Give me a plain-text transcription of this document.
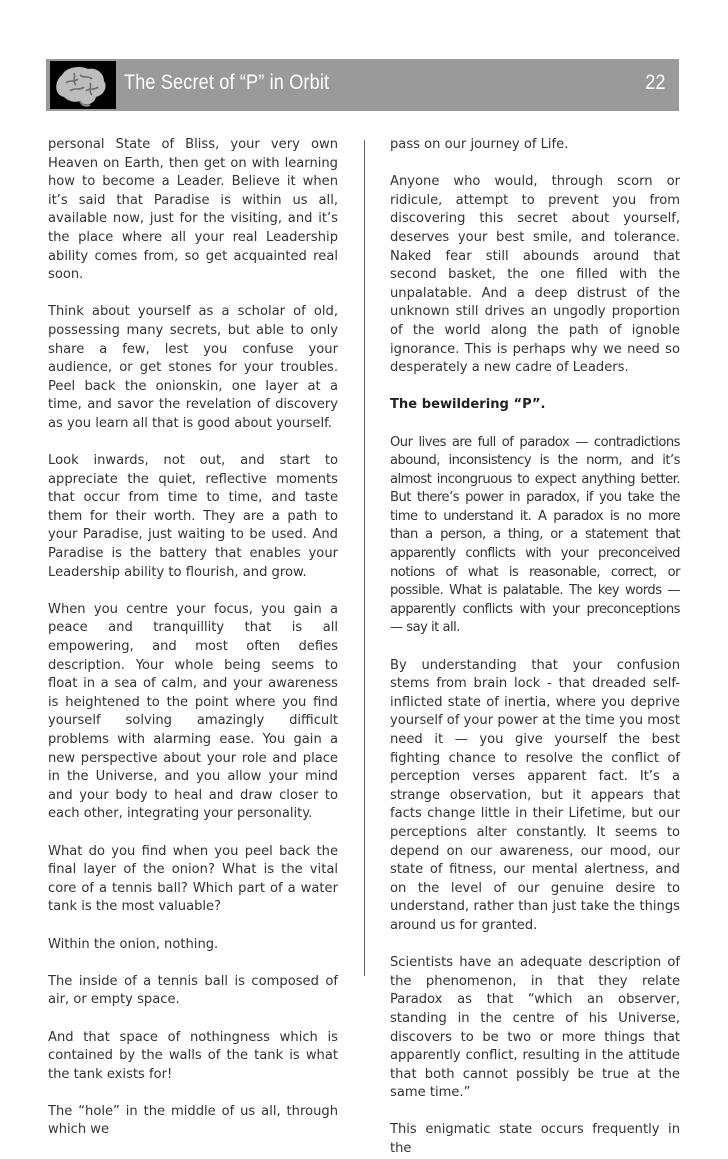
The Secret of “P” in Orbit	22

personal State of Bliss, your very own Heaven on Earth, then get on with learning how to become a Leader. Believe it when it’s said that Paradise is within us all, available now, just for the visiting, and it’s the place where all your real Leadership ability comes from, so get acquainted real soon.

Think about yourself as a scholar of old, possessing many secrets, but able to only share a few, lest you confuse your audience, or get stones for your troubles. Peel back the onionskin, one layer at a time, and savor the revelation of discovery as you learn all that is good about yourself.

Look inwards, not out, and start to appreciate the quiet, reflective moments that occur from time to time, and taste them for their worth. They are a path to your Paradise, just waiting to be used. And Paradise is the battery that enables your Leadership ability to flourish, and grow.

When you centre your focus, you gain a peace and tranquillity that is all empowering, and most often defies description. Your whole being seems to float in a sea of calm, and your awareness is heightened to the point where you find yourself solving amazingly difficult problems with alarming ease. You gain a new perspective about your role and place in the Universe, and you allow your mind and your body to heal and draw closer to each other, integrating your personality.

What do you find when you peel back the final layer of the onion? What is the vital core of a tennis ball? Which part of a water tank is the most valuable?

Within the onion, nothing.

The inside of a tennis ball is composed of air, or empty space.

And that space of nothingness which is contained by the walls of the tank is what the tank exists for!

The “hole” in the middle of us all, through which we

pass on our journey of Life.

Anyone who would, through scorn or ridicule, attempt to prevent you from discovering this secret about yourself, deserves your best smile, and tolerance. Naked fear still abounds around that second basket, the one filled with the unpalatable. And a deep distrust of the unknown still drives an ungodly proportion of the world along the path of ignoble ignorance. This is perhaps why we need so desperately a new cadre of Leaders.

The bewildering “P”.

Our lives are full of paradox — contradictions abound, inconsistency is the norm, and it’s almost incongruous to expect anything better. But there’s power in paradox, if you take the time to understand it. A paradox is no more than a person, a thing, or a statement that apparently conflicts with your preconceived notions of what is reasonable, correct, or possible. What is palatable. The key words — apparently conflicts with your preconceptions — say it all.

By understanding that your confusion stems from brain lock - that dreaded self-inflicted state of inertia, where you deprive yourself of your power at the time you most need it — you give yourself the best fighting chance to resolve the conflict of perception verses apparent fact. It’s a strange observation, but it appears that facts change little in their Lifetime, but our perceptions alter constantly. It seems to depend on our awareness, our mood, our state of fitness, our mental alertness, and on the level of our genuine desire to understand, rather than just take the things around us for granted.

Scientists have an adequate description of the phenomenon, in that they relate Paradox as that “which an observer, standing in the centre of his Universe, discovers to be two or more things that apparently conflict, resulting in the attitude that both cannot possibly be true at the same time.”

This enigmatic state occurs frequently in the
